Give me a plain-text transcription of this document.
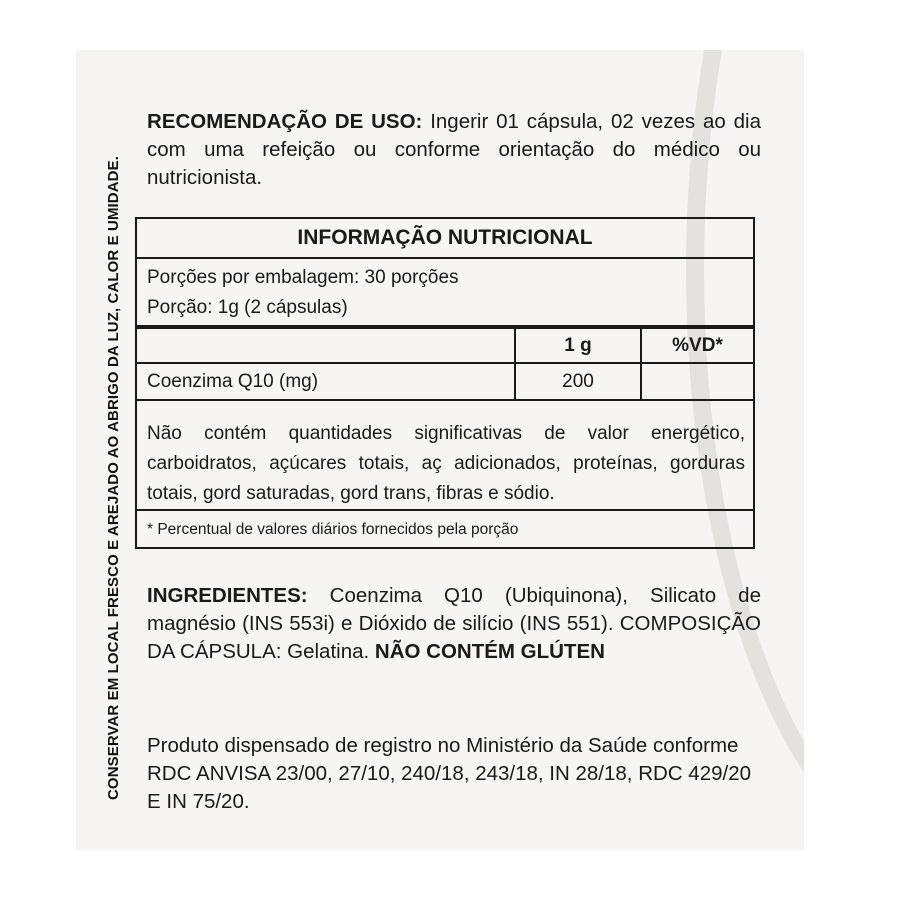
CONSERVAR EM LOCAL FRESCO E AREJADO AO ABRIGO DA LUZ, CALOR E UMIDADE.
RECOMENDAÇÃO DE USO: Ingerir 01 cápsula, 02 vezes ao dia com uma refeição ou conforme orientação do médico ou nutricionista.
INFORMAÇÃO NUTRICIONAL
Porções por embalagem: 30 porções
Porção: 1g (2 cápsulas)
1 g	%VD*
Coenzima Q10 (mg)	200
Não contém quantidades significativas de valor energético, carboidratos, açúcares totais, aç adicionados, proteínas, gorduras totais, gord saturadas, gord trans, fibras e sódio.
* Percentual de valores diários fornecidos pela porção
INGREDIENTES: Coenzima Q10 (Ubiquinona), Silicato de magnésio (INS 553i) e Dióxido de silício (INS 551). COMPOSIÇÃO DA CÁPSULA: Gelatina. NÃO CONTÉM GLÚTEN
Produto dispensado de registro no Ministério da Saúde conforme RDC ANVISA 23/00, 27/10, 240/18, 243/18, IN 28/18, RDC 429/20 E IN 75/20.
